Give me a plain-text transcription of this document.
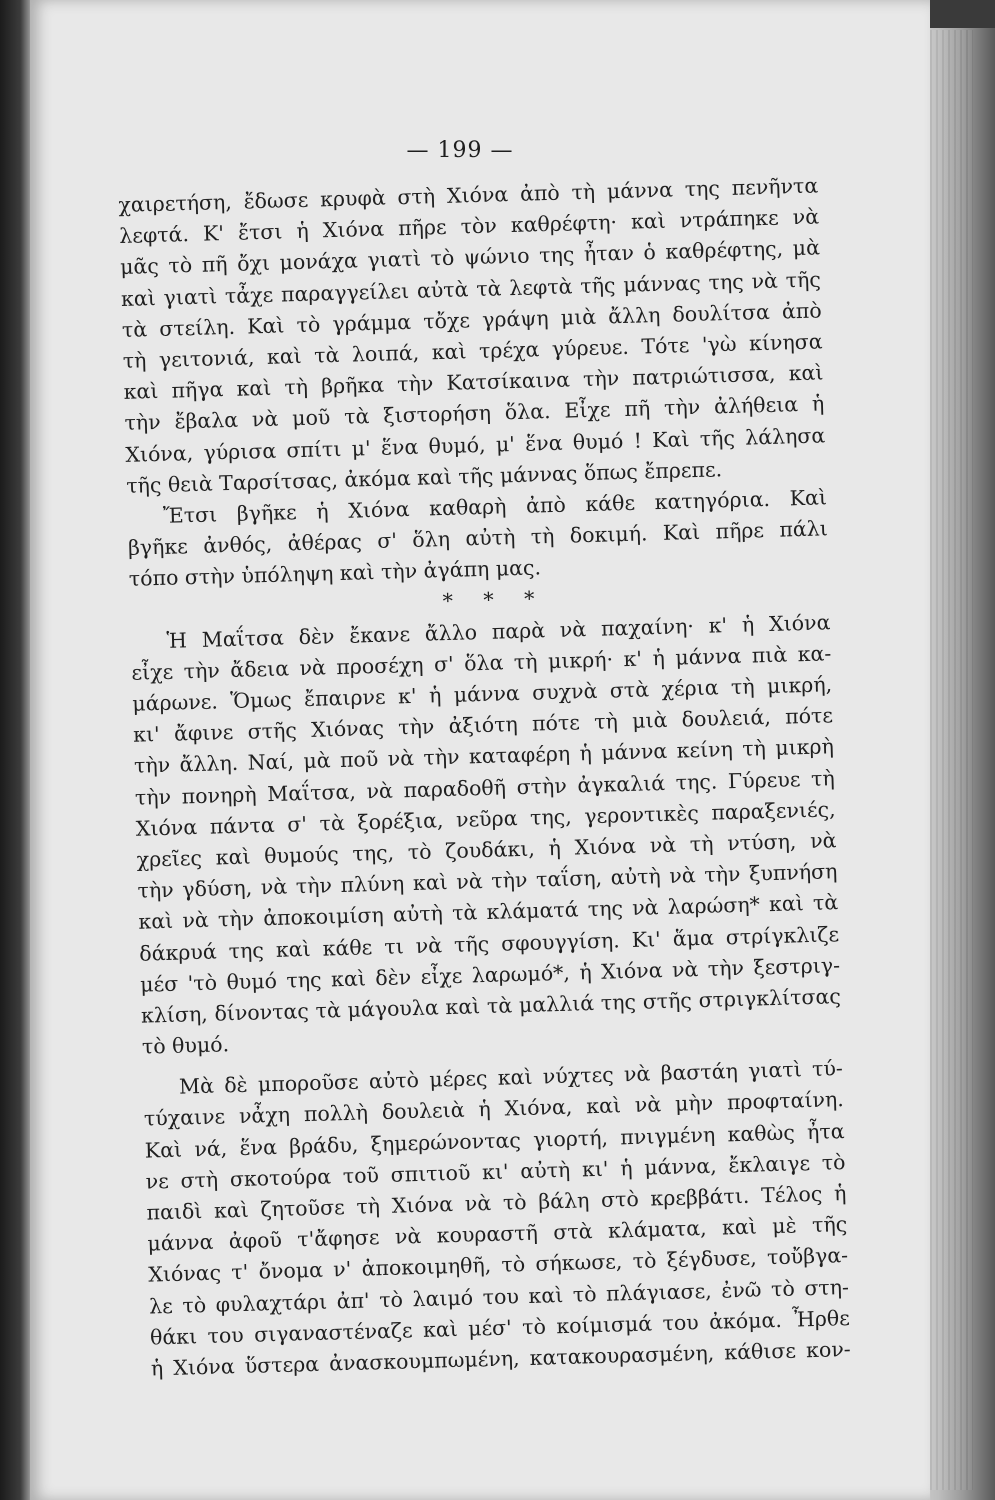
— 199 —
χαιρετήση, ἔδωσε κρυφὰ στὴ Χιόνα ἀπὸ τὴ μάννα της πενῆντα
λεφτά. Κ' ἔτσι ἡ Χιόνα πῆρε τὸν καθρέφτη· καὶ ντράπηκε νὰ
μᾶς τὸ πῆ ὄχι μονάχα γιατὶ τὸ ψώνιο της ἦταν ὁ καθρέφτης, μὰ
καὶ γιατὶ τἆχε παραγγείλει αὐτὰ τὰ λεφτὰ τῆς μάννας της νὰ τῆς
τὰ στείλη. Καὶ τὸ γράμμα τὄχε γράψη μιὰ ἄλλη δουλίτσα ἀπὸ
τὴ γειτονιά, καὶ τὰ λοιπά, καὶ τρέχα γύρευε. Τότε 'γὼ κίνησα
καὶ πῆγα καὶ τὴ βρῆκα τὴν Κατσίκαινα τὴν πατριώτισσα, καὶ
τὴν ἔβαλα νὰ μοῦ τὰ ξιστορήση ὅλα. Εἶχε πῆ τὴν ἀλήθεια ἡ
Χιόνα, γύρισα σπίτι μ' ἕνα θυμό, μ' ἕνα θυμό ! Καὶ τῆς λάλησα
τῆς θειὰ Ταρσίτσας, ἀκόμα καὶ τῆς μάννας ὅπως ἔπρεπε.
Ἔτσι βγῆκε ἡ Χιόνα καθαρὴ ἀπὸ κάθε κατηγόρια. Καὶ
βγῆκε ἀνθός, ἀθέρας σ' ὅλη αὐτὴ τὴ δοκιμή. Καὶ πῆρε πάλι
τόπο στὴν ὑπόληψη καὶ τὴν ἀγάπη μας.
* * *
Ἡ Μαΐτσα δὲν ἔκανε ἄλλο παρὰ νὰ παχαίνη· κ' ἡ Χιόνα
εἶχε τὴν ἄδεια νὰ προσέχη σ' ὅλα τὴ μικρή· κ' ἡ μάννα πιὰ κα-
μάρωνε. Ὅμως ἔπαιρνε κ' ἡ μάννα συχνὰ στὰ χέρια τὴ μικρή,
κι' ἄφινε στῆς Χιόνας τὴν ἀξιότη πότε τὴ μιὰ δουλειά, πότε
τὴν ἄλλη. Ναί, μὰ ποῦ νὰ τὴν καταφέρη ἡ μάννα κείνη τὴ μικρὴ
τὴν πονηρὴ Μαΐτσα, νὰ παραδοθῆ στὴν ἀγκαλιά της. Γύρευε τὴ
Χιόνα πάντα σ' τὰ ξορέξια, νεῦρα της, γεροντικὲς παραξενιές,
χρεῖες καὶ θυμούς της, τὸ ζουδάκι, ἡ Χιόνα νὰ τὴ ντύση, νὰ
τὴν γδύση, νὰ τὴν πλύνη καὶ νὰ τὴν ταΐση, αὐτὴ νὰ τὴν ξυπνήση
καὶ νὰ τὴν ἀποκοιμίση αὐτὴ τὰ κλάματά της νὰ λαρώση* καὶ τὰ
δάκρυά της καὶ κάθε τι νὰ τῆς σφουγγίση. Κι' ἅμα στρίγκλιζε
μέσ 'τὸ θυμό της καὶ δὲν εἶχε λαρωμό*, ἡ Χιόνα νὰ τὴν ξεστριγ-
κλίση, δίνοντας τὰ μάγουλα καὶ τὰ μαλλιά της στῆς στριγκλίτσας
τὸ θυμό.
Μὰ δὲ μποροῦσε αὐτὸ μέρες καὶ νύχτες νὰ βαστάη γιατὶ τύ-
τύχαινε νἆχη πολλὴ δουλειὰ ἡ Χιόνα, καὶ νὰ μὴν προφταίνη.
Καὶ νά, ἕνα βράδυ, ξημερώνοντας γιορτή, πνιγμένη καθὼς ἦτα
νε στὴ σκοτούρα τοῦ σπιτιοῦ κι' αὐτὴ κι' ἡ μάννα, ἔκλαιγε τὸ
παιδὶ καὶ ζητοῦσε τὴ Χιόνα νὰ τὸ βάλη στὸ κρεββάτι. Τέλος ἡ
μάννα ἀφοῦ τ'ἄφησε νὰ κουραστῆ στὰ κλάματα, καὶ μὲ τῆς
Χιόνας τ' ὄνομα ν' ἀποκοιμηθῆ, τὸ σήκωσε, τὸ ξέγδυσε, τοὔβγα-
λε τὸ φυλαχτάρι ἀπ' τὸ λαιμό του καὶ τὸ πλάγιασε, ἐνῶ τὸ στη-
θάκι του σιγαναστέναζε καὶ μέσ' τὸ κοίμισμά του ἀκόμα. Ἦρθε
ἡ Χιόνα ὕστερα ἀνασκουμπωμένη, κατακουρασμένη, κάθισε κον-
